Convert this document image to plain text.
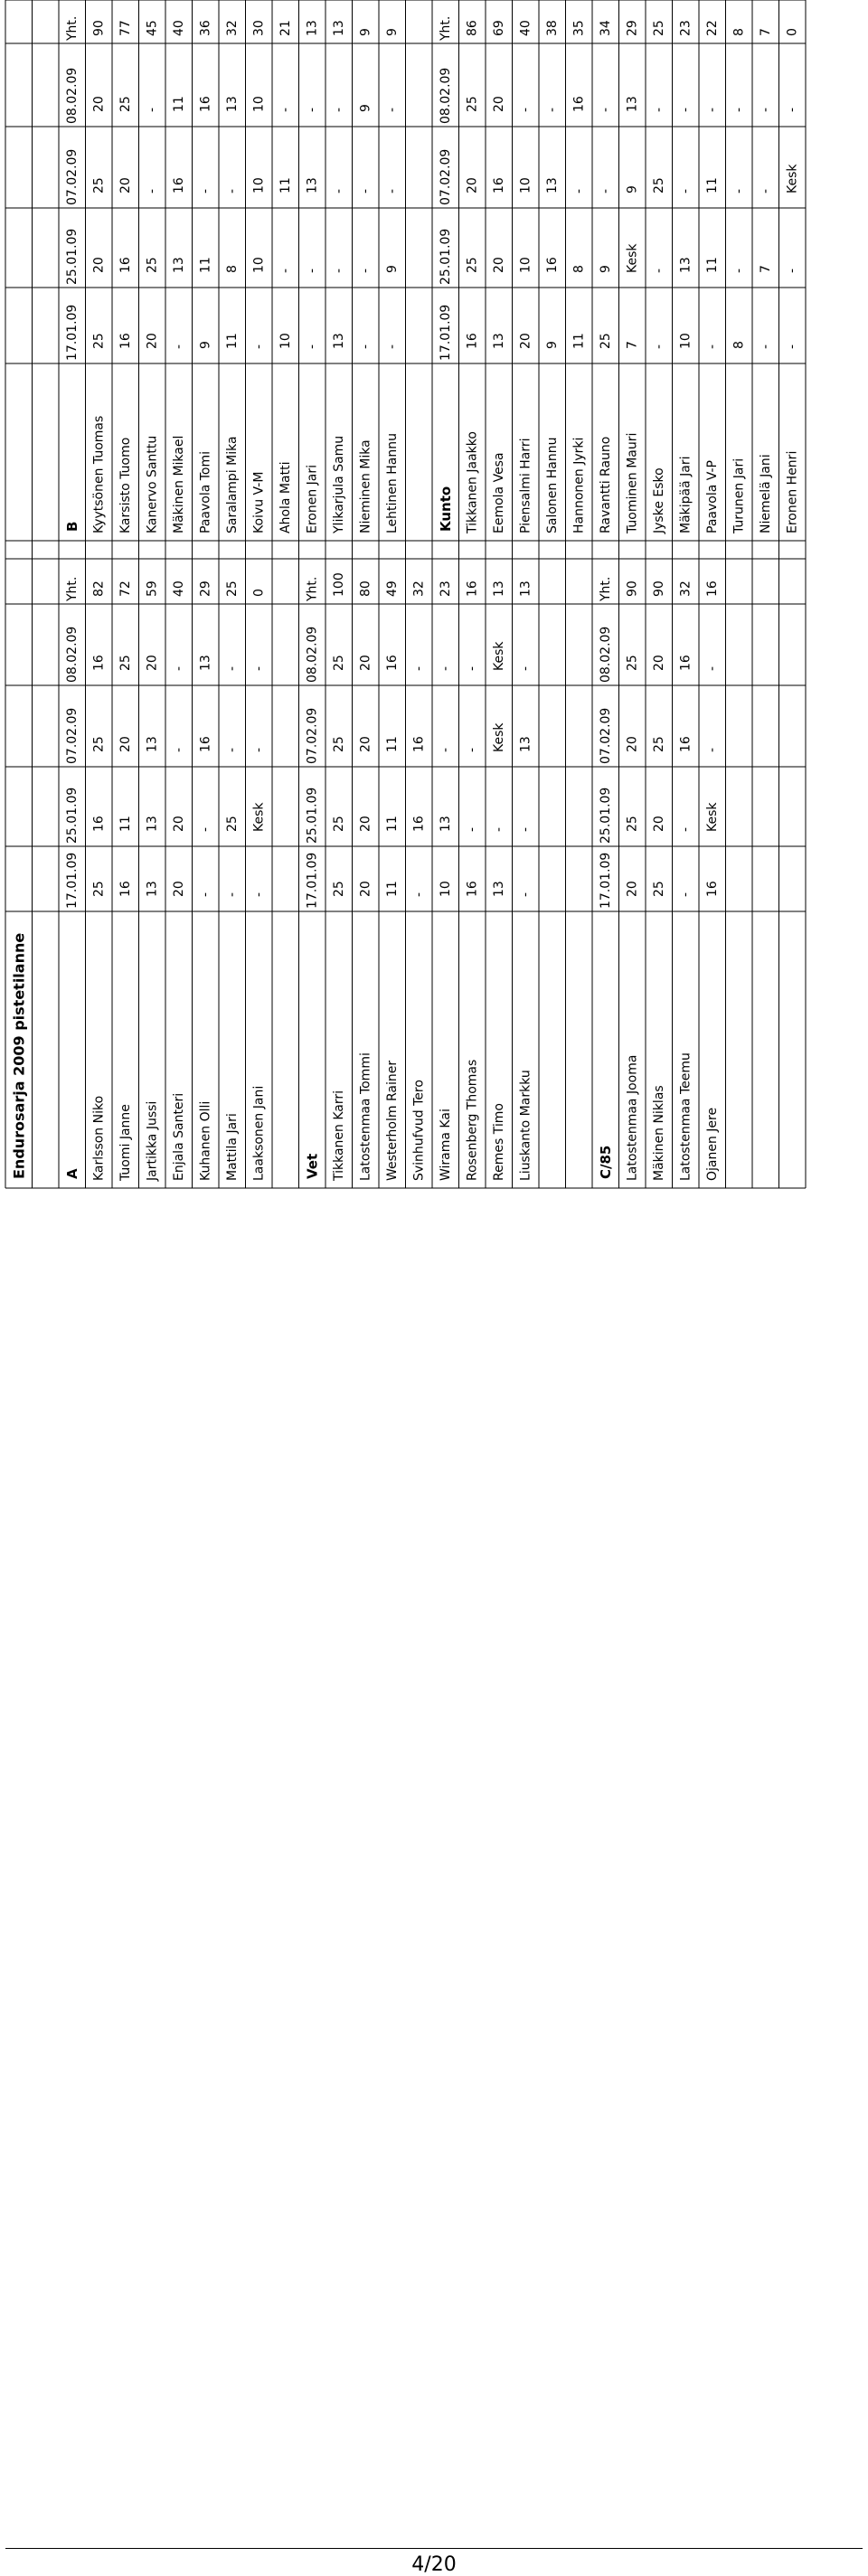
Endurosarja 2009 pistetilanne	A
17.01.09
25.01.09
07.02.09
08.02.09
Yht.
Karlsson Niko
25
16
25
16
82
Tuomi Janne
16
11
20
25
72
Jartikka Jussi
13
13
13
20
59
Enjala Santeri
20
20
-
-
40
Kuhanen Olli
-
-
16
13
29
Mattila Jari
-
25
-
-
25
Laaksonen Jani
-
Kesk
-
-
0
Vet
17.01.09
25.01.09
07.02.09
08.02.09
Yht.
Tikkanen Karri
25
25
25
25
100
Latostenmaa Tommi
20
20
20
20
80
Westerholm Rainer
11
11
11
16
49
Svinhufvud Tero
-
16
16
-
32
Wirama Kai
10
13
-
-
23
Rosenberg Thomas
16
-
-
-
16
Remes Timo
13
-
Kesk
Kesk
13
Liuskanto Markku
-
-
13
-
13
C/85
17.01.09
25.01.09
07.02.09
08.02.09
Yht.
Latostenmaa Jooma
20
25
20
25
90
Mäkinen Niklas
25
20
25
20
90
Latostenmaa Teemu
-
-
16
16
32
Ojanen Jere
16
Kesk
-
-
16
B
17.01.09
25.01.09
07.02.09
08.02.09
Yht.
Kyytsönen Tuomas
25
20
25
20
90
Karsisto Tuomo
16
16
20
25
77
Kanervo Santtu
20
25
-
-
45
Mäkinen Mikael
-
13
16
11
40
Paavola Tomi
9
11
-
16
36
Saralampi Mika
11
8
-
13
32
Koivu V-M
-
10
10
10
30
Ahola Matti
10
-
11
-
21
Eronen Jari
-
-
13
-
13
Ylikarjula Samu
13
-
-
-
13
Nieminen Mika
-
-
-
9
9
Lehtinen Hannu
-
9
-
-
9
Kunto
17.01.09
25.01.09
07.02.09
08.02.09
Yht.
Tikkanen Jaakko
16
25
20
25
86
Eemola Vesa
13
20
16
20
69
Piensalmi Harri
20
10
10
-
40
Salonen Hannu
9
16
13
-
38
Hannonen Jyrki
11
8
-
16
35
Ravantti Rauno
25
9
-
-
34
Tuominen Mauri
7
Kesk
9
13
29
Jyske Esko
-
-
25
-
25
Mäkipää Jari
10
13
-
-
23
Paavola V-P
-
11
11
-
22
Turunen Jari
8
-
-
-
8
Niemelä Jani
-
7
-
-
7
Eronen Henri
-
-
Kesk
-
0
4/20
